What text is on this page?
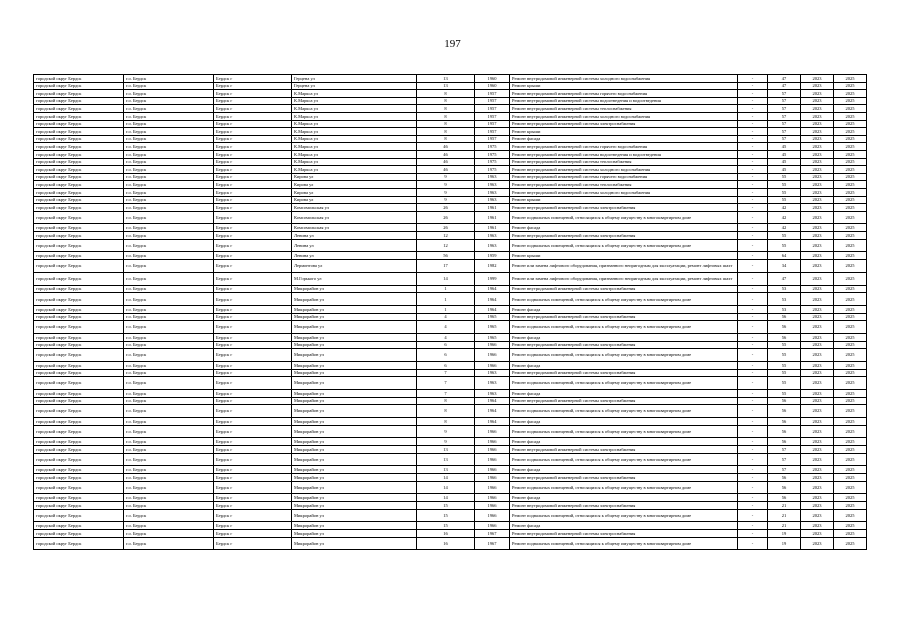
197
городской округ Бердск	г.о. Бердск	Бердск г	Герцена ул	13	1960	Ремонт внутридомовой инженерной системы холодного водоснабжения	-	47	2023	2025
городской округ Бердск	г.о. Бердск	Бердск г	Герцена ул	13	1960	Ремонт крыши	-	47	2023	2025
городской округ Бердск	г.о. Бердск	Бердск г	К.Маркса ул	8	1957	Ремонт внутридомовой инженерной системы горячего водоснабжения	-	57	2023	2025
городской округ Бердск	г.о. Бердск	Бердск г	К.Маркса ул	8	1957	Ремонт внутридомовой инженерной системы водоотведения и водоотведения	-	57	2023	2025
городской округ Бердск	г.о. Бердск	Бердск г	К.Маркса ул	8	1957	Ремонт внутридомовой инженерной системы теплоснабжения	-	57	2023	2025
городской округ Бердск	г.о. Бердск	Бердск г	К.Маркса ул	8	1957	Ремонт внутридомовой инженерной системы холодного водоснабжения	-	57	2023	2025
городской округ Бердск	г.о. Бердск	Бердск г	К.Маркса ул	8	1957	Ремонт внутридомовой инженерной системы электроснабжения	-	57	2023	2025
городской округ Бердск	г.о. Бердск	Бердск г	К.Маркса ул	8	1957	Ремонт крыши	-	57	2023	2025
городской округ Бердск	г.о. Бердск	Бердск г	К.Маркса ул	8	1957	Ремонт фасада	-	57	2023	2025
городской округ Бердск	г.о. Бердск	Бердск г	К.Маркса ул	46	1975	Ремонт внутридомовой инженерной системы горячего водоснабжения	-	45	2023	2025
городской округ Бердск	г.о. Бердск	Бердск г	К.Маркса ул	46	1975	Ремонт внутридомовой инженерной системы водоотведения и водоотведения	-	45	2023	2025
городской округ Бердск	г.о. Бердск	Бердск г	К.Маркса ул	46	1975	Ремонт внутридомовой инженерной системы теплоснабжения	-	45	2023	2025
городской округ Бердск	г.о. Бердск	Бердск г	К.Маркса ул	46	1975	Ремонт внутридомовой инженерной системы холодного водоснабжения	-	45	2023	2025
городской округ Бердск	г.о. Бердск	Бердск г	Кирова ул	9	1963	Ремонт внутридомовой инженерной системы горячего водоснабжения	-	55	2023	2025
городской округ Бердск	г.о. Бердск	Бердск г	Кирова ул	9	1963	Ремонт внутридомовой инженерной системы теплоснабжения	-	55	2023	2025
городской округ Бердск	г.о. Бердск	Бердск г	Кирова ул	9	1963	Ремонт внутридомовой инженерной системы холодного водоснабжения	-	55	2023	2025
городской округ Бердск	г.о. Бердск	Бердск г	Кирова ул	9	1963	Ремонт крыши	-	55	2023	2025
городской округ Бердск	г.о. Бердск	Бердск г	Комсомольская ул	26	1961	Ремонт внутридомовой инженерной системы электроснабжения	-	42	2023	2025
городской округ Бердск	г.о. Бердск	Бердск г	Комсомольская ул	26	1961	Ремонт подвальных помещений, относящихся к общему имуществу в многоквартирном доме	-	42	2023	2025
городской округ Бердск	г.о. Бердск	Бердск г	Комсомольская ул	26	1961	Ремонт фасада	-	42	2023	2025
городской округ Бердск	г.о. Бердск	Бердск г	Ленина ул	12	1963	Ремонт внутридомовой инженерной системы электроснабжения	-	55	2023	2025
городской округ Бердск	г.о. Бердск	Бердск г	Ленина ул	12	1963	Ремонт подвальных помещений, относящихся к общему имуществу в многоквартирном доме	-	55	2023	2025
городской округ Бердск	г.о. Бердск	Бердск г	Ленина ул	56	1959	Ремонт крыши	-	64	2023	2025
городской округ Бердск	г.о. Бердск	Бердск г	Лермонтова ул	17	1982	Ремонт или замена лифтового оборудования, признанного непригодным для эксплуатации, ремонт лифтовых шахт	-	34	2023	2025
городской округ Бердск	г.о. Бердск	Бердск г	М.Горького ул	14	1999	Ремонт или замена лифтового оборудования, признанного непригодным для эксплуатации, ремонт лифтовых шахт	-	47	2023	2025
городской округ Бердск	г.о. Бердск	Бердск г	Микрорайон ул	1	1964	Ремонт внутридомовой инженерной системы электроснабжения	-	53	2023	2025
городской округ Бердск	г.о. Бердск	Бердск г	Микрорайон ул	1	1964	Ремонт подвальных помещений, относящихся к общему имуществу в многоквартирном доме	-	53	2023	2025
городской округ Бердск	г.о. Бердск	Бердск г	Микрорайон ул	1	1964	Ремонт фасада	-	53	2023	2025
городской округ Бердск	г.о. Бердск	Бердск г	Микрорайон ул	4	1965	Ремонт внутридомовой инженерной системы электроснабжения	-	56	2023	2025
городской округ Бердск	г.о. Бердск	Бердск г	Микрорайон ул	4	1965	Ремонт подвальных помещений, относящихся к общему имуществу в многоквартирном доме	-	56	2023	2025
городской округ Бердск	г.о. Бердск	Бердск г	Микрорайон ул	4	1965	Ремонт фасада	-	56	2023	2025
городской округ Бердск	г.о. Бердск	Бердск г	Микрорайон ул	6	1966	Ремонт внутридомовой инженерной системы электроснабжения	-	55	2023	2025
городской округ Бердск	г.о. Бердск	Бердск г	Микрорайон ул	6	1966	Ремонт подвальных помещений, относящихся к общему имуществу в многоквартирном доме	-	55	2023	2025
городской округ Бердск	г.о. Бердск	Бердск г	Микрорайон ул	6	1966	Ремонт фасада	-	55	2023	2025
городской округ Бердск	г.о. Бердск	Бердск г	Микрорайон ул	7	1963	Ремонт внутридомовой инженерной системы электроснабжения	-	55	2023	2025
городской округ Бердск	г.о. Бердск	Бердск г	Микрорайон ул	7	1963	Ремонт подвальных помещений, относящихся к общему имуществу в многоквартирном доме	-	55	2023	2025
городской округ Бердск	г.о. Бердск	Бердск г	Микрорайон ул	7	1963	Ремонт фасада	-	55	2023	2025
городской округ Бердск	г.о. Бердск	Бердск г	Микрорайон ул	8	1964	Ремонт внутридомовой инженерной системы электроснабжения	-	56	2023	2025
городской округ Бердск	г.о. Бердск	Бердск г	Микрорайон ул	8	1964	Ремонт подвальных помещений, относящихся к общему имуществу в многоквартирном доме	-	56	2023	2025
городской округ Бердск	г.о. Бердск	Бердск г	Микрорайон ул	8	1964	Ремонт фасада	-	56	2023	2025
городской округ Бердск	г.о. Бердск	Бердск г	Микрорайон ул	9	1966	Ремонт подвальных помещений, относящихся к общему имуществу в многоквартирном доме	-	56	2023	2025
городской округ Бердск	г.о. Бердск	Бердск г	Микрорайон ул	9	1966	Ремонт фасада	-	56	2023	2025
городской округ Бердск	г.о. Бердск	Бердск г	Микрорайон ул	13	1966	Ремонт внутридомовой инженерной системы электроснабжения	-	57	2023	2025
городской округ Бердск	г.о. Бердск	Бердск г	Микрорайон ул	13	1966	Ремонт подвальных помещений, относящихся к общему имуществу в многоквартирном доме	-	57	2023	2025
городской округ Бердск	г.о. Бердск	Бердск г	Микрорайон ул	13	1966	Ремонт фасада	-	57	2023	2025
городской округ Бердск	г.о. Бердск	Бердск г	Микрорайон ул	14	1966	Ремонт внутридомовой инженерной системы электроснабжения	-	56	2023	2025
городской округ Бердск	г.о. Бердск	Бердск г	Микрорайон ул	14	1966	Ремонт подвальных помещений, относящихся к общему имуществу в многоквартирном доме	-	56	2023	2025
городской округ Бердск	г.о. Бердск	Бердск г	Микрорайон ул	14	1966	Ремонт фасада	-	56	2023	2025
городской округ Бердск	г.о. Бердск	Бердск г	Микрорайон ул	15	1966	Ремонт внутридомовой инженерной системы электроснабжения	-	21	2023	2025
городской округ Бердск	г.о. Бердск	Бердск г	Микрорайон ул	15	1966	Ремонт подвальных помещений, относящихся к общему имуществу в многоквартирном доме	-	21	2023	2025
городской округ Бердск	г.о. Бердск	Бердск г	Микрорайон ул	15	1966	Ремонт фасада	-	21	2023	2025
городской округ Бердск	г.о. Бердск	Бердск г	Микрорайон ул	16	1967	Ремонт внутридомовой инженерной системы электроснабжения	-	19	2023	2025
городской округ Бердск	г.о. Бердск	Бердск г	Микрорайон ул	16	1967	Ремонт подвальных помещений, относящихся к общему имуществу в многоквартирном доме	-	19	2023	2025
